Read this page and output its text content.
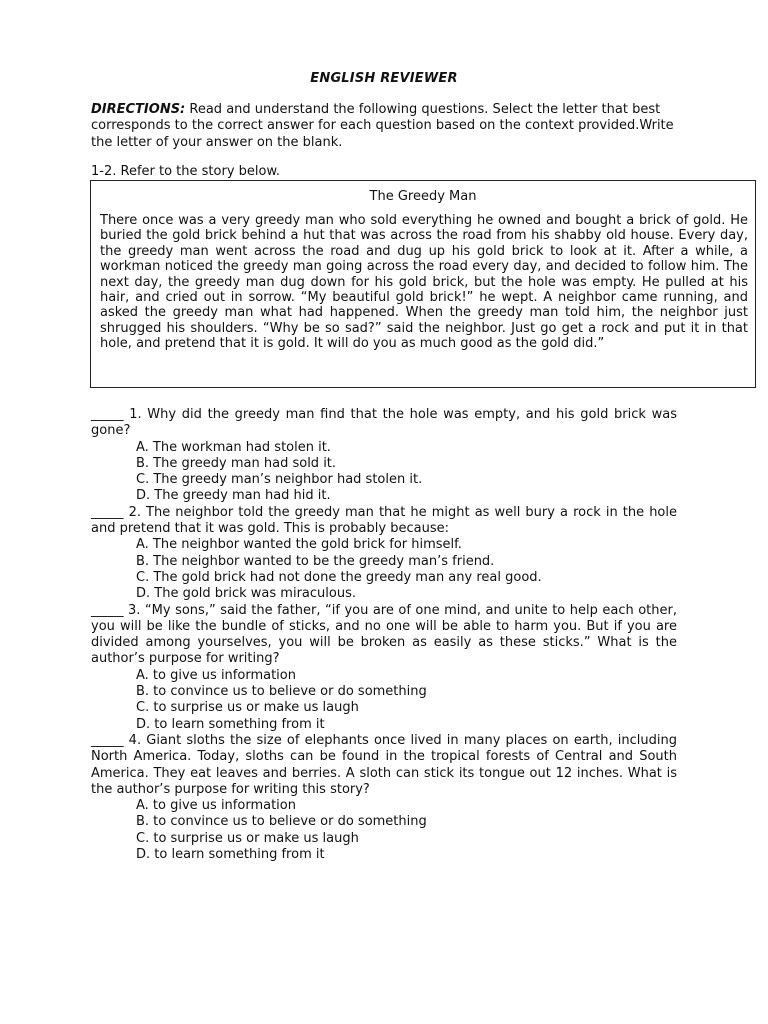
ENGLISH REVIEWER
DIRECTIONS: Read and understand the following questions. Select the letter that best corresponds to the correct answer for each question based on the context provided.Write the letter of your answer on the blank.
1-2. Refer to the story below.
The Greedy Man
There once was a very greedy man who sold everything he owned and bought a brick of gold. He buried the gold brick behind a hut that was across the road from his shabby old house. Every day, the greedy man went across the road and dug up his gold brick to look at it. After a while, a workman noticed the greedy man going across the road every day, and decided to follow him. The next day, the greedy man dug down for his gold brick, but the hole was empty. He pulled at his hair, and cried out in sorrow. “My beautiful gold brick!” he wept. A neighbor came running, and asked the greedy man what had happened. When the greedy man told him, the neighbor just shrugged his shoulders. “Why be so sad?” said the neighbor. Just go get a rock and put it in that hole, and pretend that it is gold. It will do you as much good as the gold did.”
_____ 1. Why did the greedy man find that the hole was empty, and his gold brick was gone?
A. The workman had stolen it.
B. The greedy man had sold it.
C. The greedy man’s neighbor had stolen it.
D. The greedy man had hid it.
_____ 2. The neighbor told the greedy man that he might as well bury a rock in the hole and pretend that it was gold. This is probably because:
A. The neighbor wanted the gold brick for himself.
B. The neighbor wanted to be the greedy man’s friend.
C. The gold brick had not done the greedy man any real good.
D. The gold brick was miraculous.
_____ 3. “My sons,” said the father, “if you are of one mind, and unite to help each other, you will be like the bundle of sticks, and no one will be able to harm you. But if you are divided among yourselves, you will be broken as easily as these sticks.” What is the author’s purpose for writing?
A. to give us information
B. to convince us to believe or do something
C. to surprise us or make us laugh
D. to learn something from it
_____ 4. Giant sloths the size of elephants once lived in many places on earth, including North America. Today, sloths can be found in the tropical forests of Central and South America. They eat leaves and berries. A sloth can stick its tongue out 12 inches. What is the author’s purpose for writing this story?
A. to give us information
B. to convince us to believe or do something
C. to surprise us or make us laugh
D. to learn something from it
